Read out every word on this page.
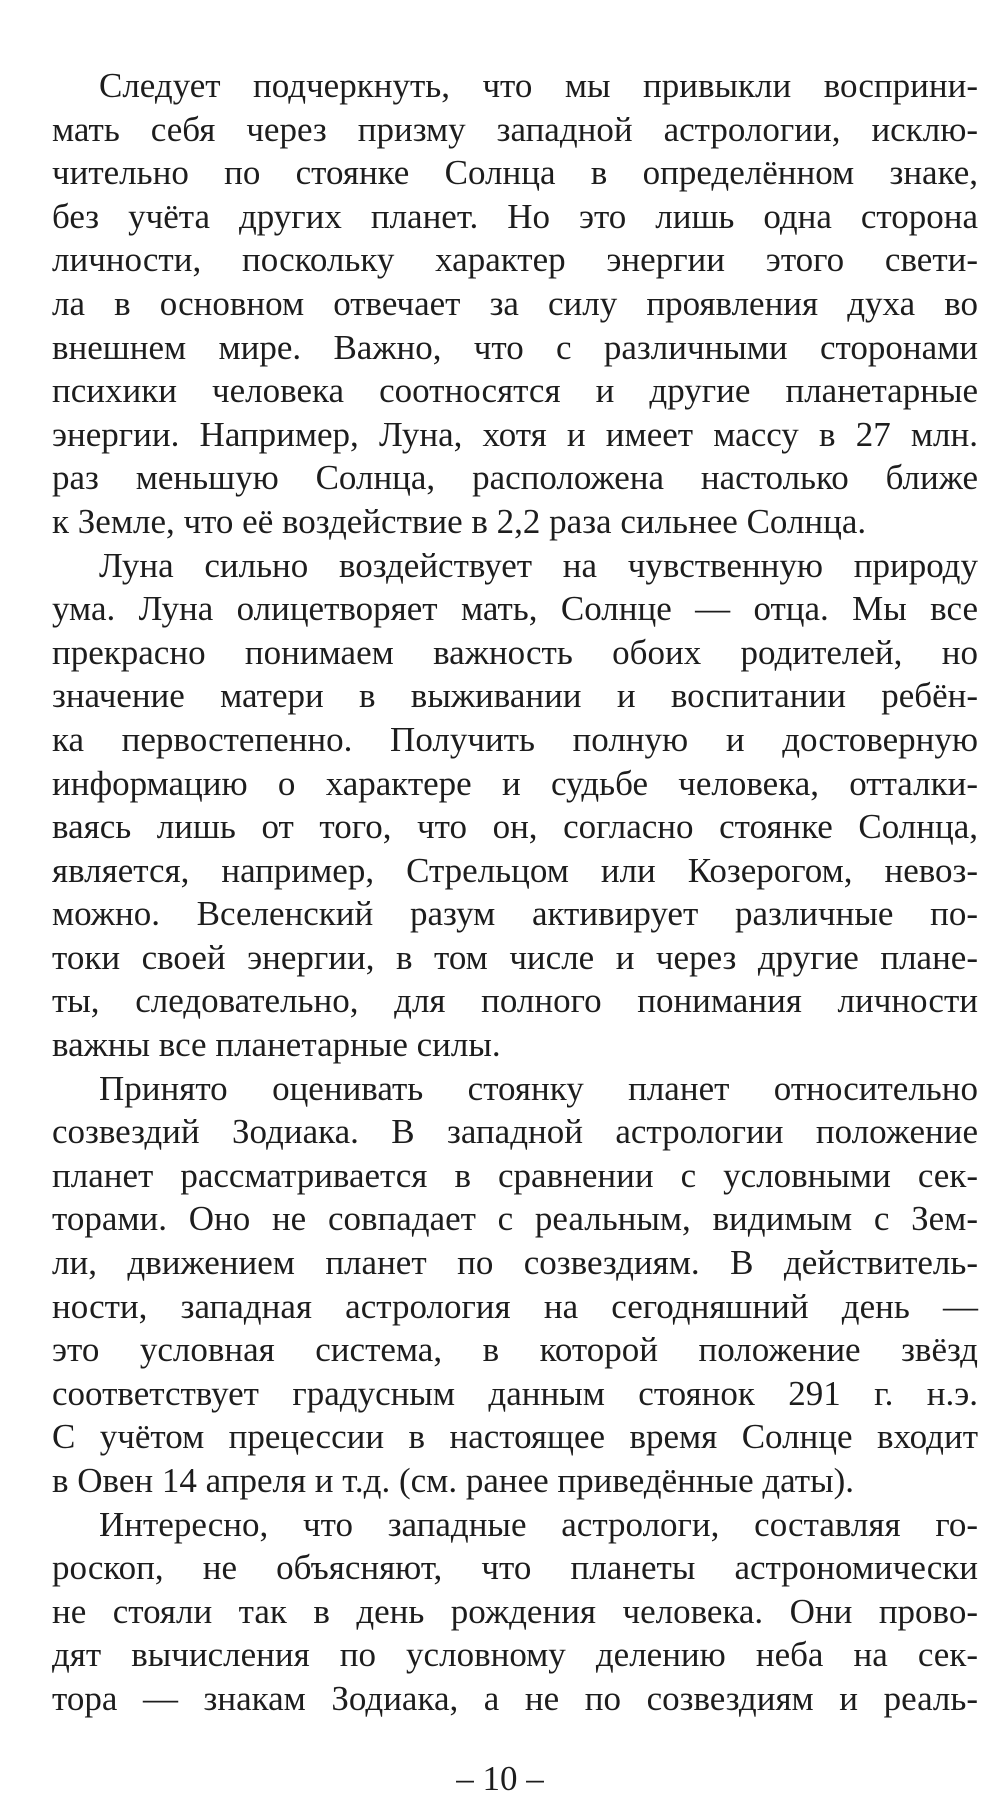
Следует подчеркнуть, что мы привыкли восприни-
мать себя через призму западной астрологии, исклю-
чительно по стоянке Солнца в определённом знаке,
без учёта других планет. Но это лишь одна сторона
личности, поскольку характер энергии этого свети-
ла в основном отвечает за силу проявления духа во
внешнем мире. Важно, что с различными сторонами
психики человека соотносятся и другие планетарные
энергии. Например, Луна, хотя и имеет массу в 27 млн.
раз меньшую Солнца, расположена настолько ближе
к Земле, что её воздействие в 2,2 раза сильнее Солнца.

Луна сильно воздействует на чувственную природу
ума. Луна олицетворяет мать, Солнце — отца. Мы все
прекрасно понимаем важность обоих родителей, но
значение матери в выживании и воспитании ребён-
ка первостепенно. Получить полную и достоверную
информацию о характере и судьбе человека, отталки-
ваясь лишь от того, что он, согласно стоянке Солнца,
является, например, Стрельцом или Козерогом, невоз-
можно. Вселенский разум активирует различные по-
токи своей энергии, в том числе и через другие плане-
ты, следовательно, для полного понимания личности
важны все планетарные силы.

Принято оценивать стоянку планет относительно
созвездий Зодиака. В западной астрологии положение
планет рассматривается в сравнении с условными сек-
торами. Оно не совпадает с реальным, видимым с Зем-
ли, движением планет по созвездиям. В действитель-
ности, западная астрология на сегодняшний день —
это условная система, в которой положение звёзд
соответствует градусным данным стоянок 291 г. н.э.
С учётом прецессии в настоящее время Солнце входит
в Овен 14 апреля и т.д. (см. ранее приведённые даты).

Интересно, что западные астрологи, составляя го-
роскоп, не объясняют, что планеты астрономически
не стояли так в день рождения человека. Они прово-
дят вычисления по условному делению неба на сек-
тора — знакам Зодиака, а не по созвездиям и реаль-

– 10 –
